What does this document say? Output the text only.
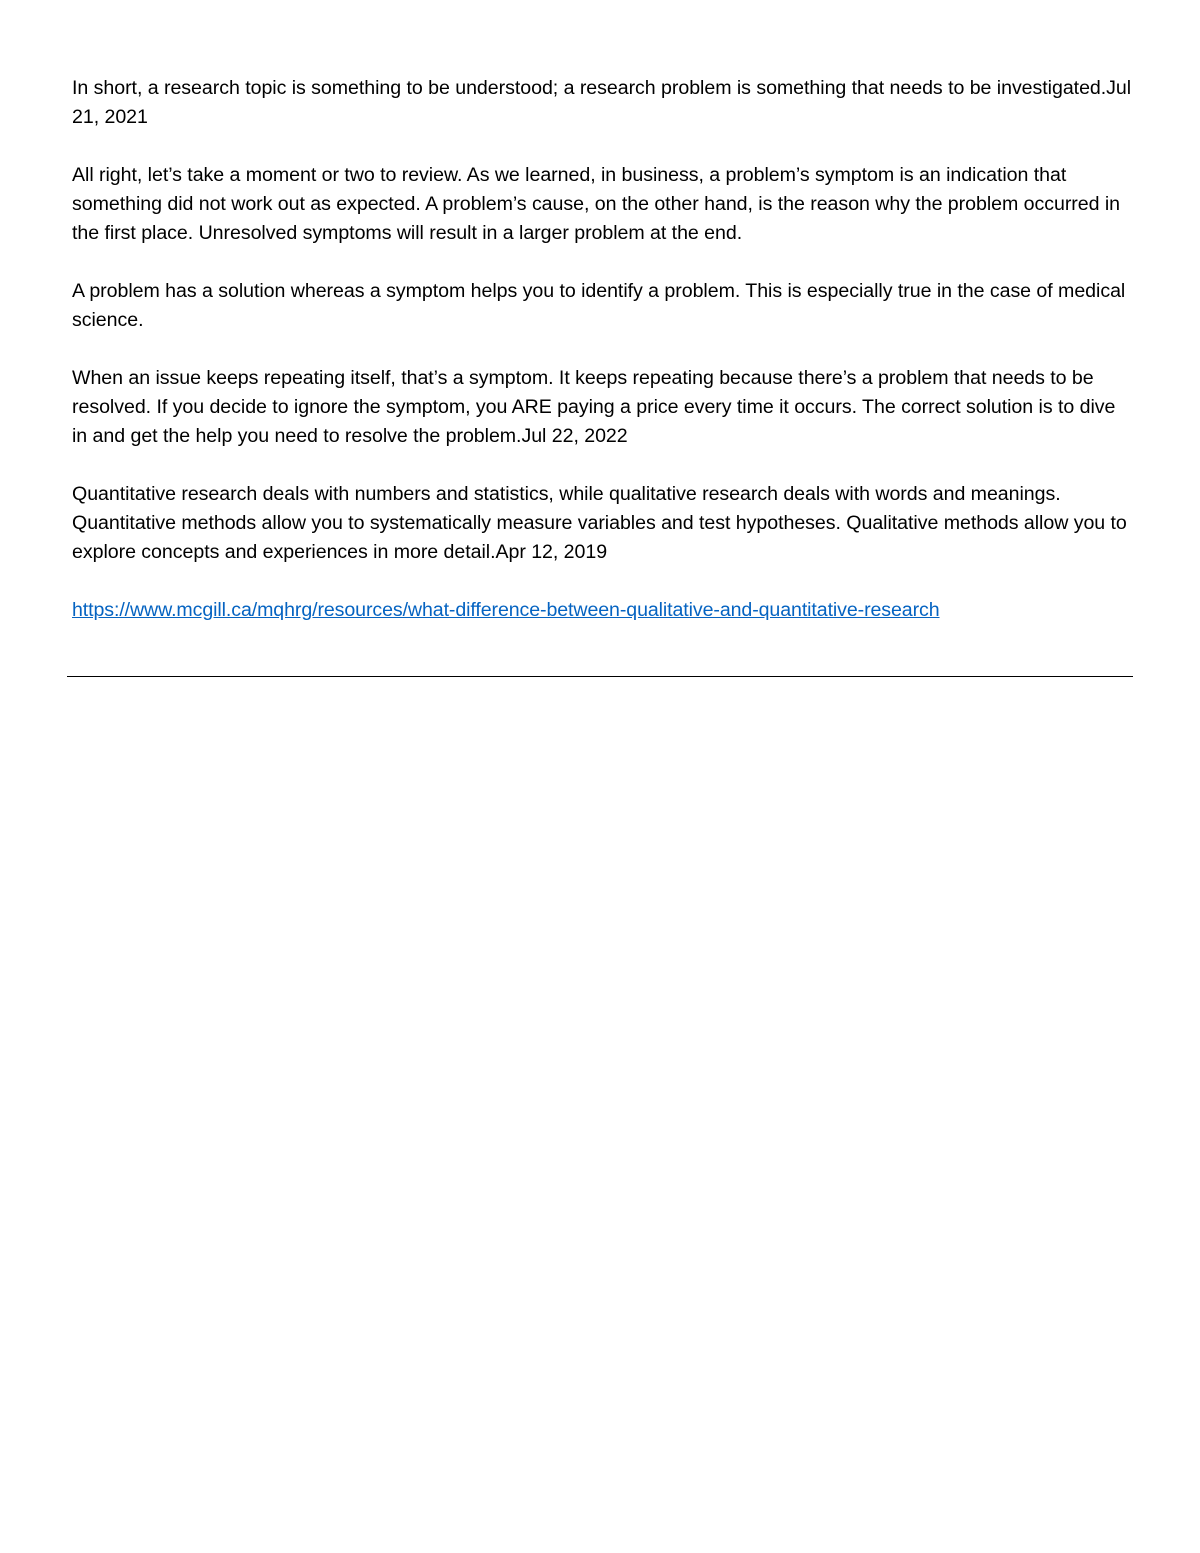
In short, a research topic is something to be understood; a research problem is something that needs to be investigated.Jul 21, 2021

All right, let’s take a moment or two to review. As we learned, in business, a problem’s symptom is an indication that something did not work out as expected. A problem’s cause, on the other hand, is the reason why the problem occurred in the first place. Unresolved symptoms will result in a larger problem at the end.

A problem has a solution whereas a symptom helps you to identify a problem. This is especially true in the case of medical science.

When an issue keeps repeating itself, that’s a symptom. It keeps repeating because there’s a problem that needs to be resolved. If you decide to ignore the symptom, you ARE paying a price every time it occurs. The correct solution is to dive in and get the help you need to resolve the problem.Jul 22, 2022

Quantitative research deals with numbers and statistics, while qualitative research deals with words and meanings. Quantitative methods allow you to systematically measure variables and test hypotheses. Qualitative methods allow you to explore concepts and experiences in more detail.Apr 12, 2019

https://www.mcgill.ca/mqhrg/resources/what-difference-between-qualitative-and-quantitative-research
